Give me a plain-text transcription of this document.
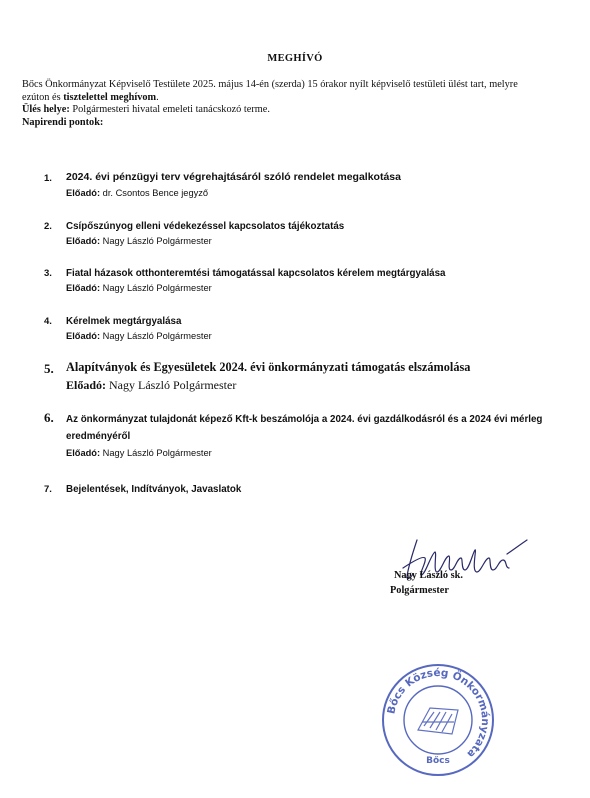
MEGHÍVÓ
Bőcs Önkormányzat Képviselő Testülete 2025. május 14-én (szerda) 15 órakor nyílt képviselő testületi ülést tart, melyre
ezúton és tisztelettel meghívom.
Ülés helye: Polgármesteri hivatal emeleti tanácskozó terme.
Napirendi pontok:
1. 2024. évi pénzügyi terv végrehajtásáról szóló rendelet megalkotása
Előadó: dr. Csontos Bence jegyző
2. Csípőszúnyog elleni védekezéssel kapcsolatos tájékoztatás
Előadó: Nagy László Polgármester
3. Fiatal házasok otthonteremtési támogatással kapcsolatos kérelem megtárgyalása
Előadó: Nagy László Polgármester
4. Kérelmek megtárgyalása
Előadó: Nagy László Polgármester
5. Alapítványok és Egyesületek 2024. évi önkormányzati támogatás elszámolása
Előadó: Nagy László Polgármester
6. Az önkormányzat tulajdonát képező Kft-k beszámolója a 2024. évi gazdálkodásról és a 2024 évi mérleg
eredményéről
Előadó: Nagy László Polgármester
7. Bejelentések, Indítványok, Javaslatok
Nagy László sk.
Polgármester
Bőcs Község Önkormányzata
Bőcs
